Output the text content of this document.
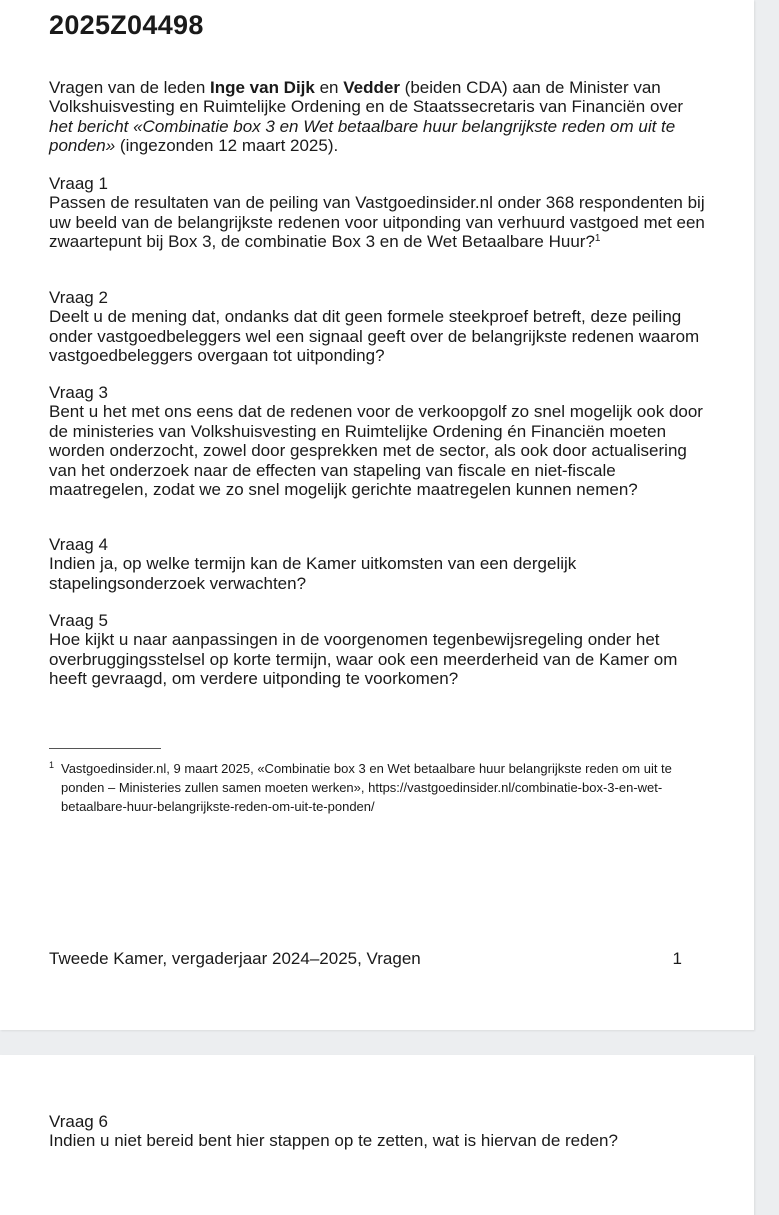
2025Z04498

Vragen van de leden Inge van Dijk en Vedder (beiden CDA) aan de Minister van Volkshuisvesting en Ruimtelijke Ordening en de Staatssecretaris van Financiën over het bericht «Combinatie box 3 en Wet betaalbare huur belangrijkste reden om uit te ponden» (ingezonden 12 maart 2025).

Vraag 1
Passen de resultaten van de peiling van Vastgoedinsider.nl onder 368 respondenten bij uw beeld van de belangrijkste redenen voor uitponding van verhuurd vastgoed met een zwaartepunt bij Box 3, de combinatie Box 3 en de Wet Betaalbare Huur?$^1$
Vraag 2
Deelt u de mening dat, ondanks dat dit geen formele steekproef betreft, deze peiling onder vastgoedbeleggers wel een signaal geeft over de belangrijkste redenen waarom vastgoedbeleggers overgaan tot uitponding?
Vraag 3
Bent u het met ons eens dat de redenen voor de verkoopgolf zo snel mogelijk ook door de ministeries van Volkshuisvesting en Ruimtelijke Ordening én Financiën moeten worden onderzocht, zowel door gesprekken met de sector, als ook door actualisering van het onderzoek naar de effecten van stapeling van fiscale en niet-fiscale maatregelen, zodat we zo snel mogelijk gerichte maatregelen kunnen nemen?
Vraag 4
Indien ja, op welke termijn kan de Kamer uitkomsten van een dergelijk stapelingsonderzoek verwachten?
Vraag 5
Hoe kijkt u naar aanpassingen in de voorgenomen tegenbewijsregeling onder het overbruggingsstelsel op korte termijn, waar ook een meerderheid van de Kamer om heeft gevraagd, om verdere uitponding te voorkomen?
1 Vastgoedinsider.nl, 9 maart 2025, «Combinatie box 3 en Wet betaalbare huur belangrijkste reden om uit te ponden – Ministeries zullen samen moeten werken», https://vastgoedinsider.nl/combinatie-box-3-en-wet-betaalbare-huur-belangrijkste-reden-om-uit-te-ponden/
Tweede Kamer, vergaderjaar 2024–2025, Vragen	1
Vraag 6
Indien u niet bereid bent hier stappen op te zetten, wat is hiervan de reden?
